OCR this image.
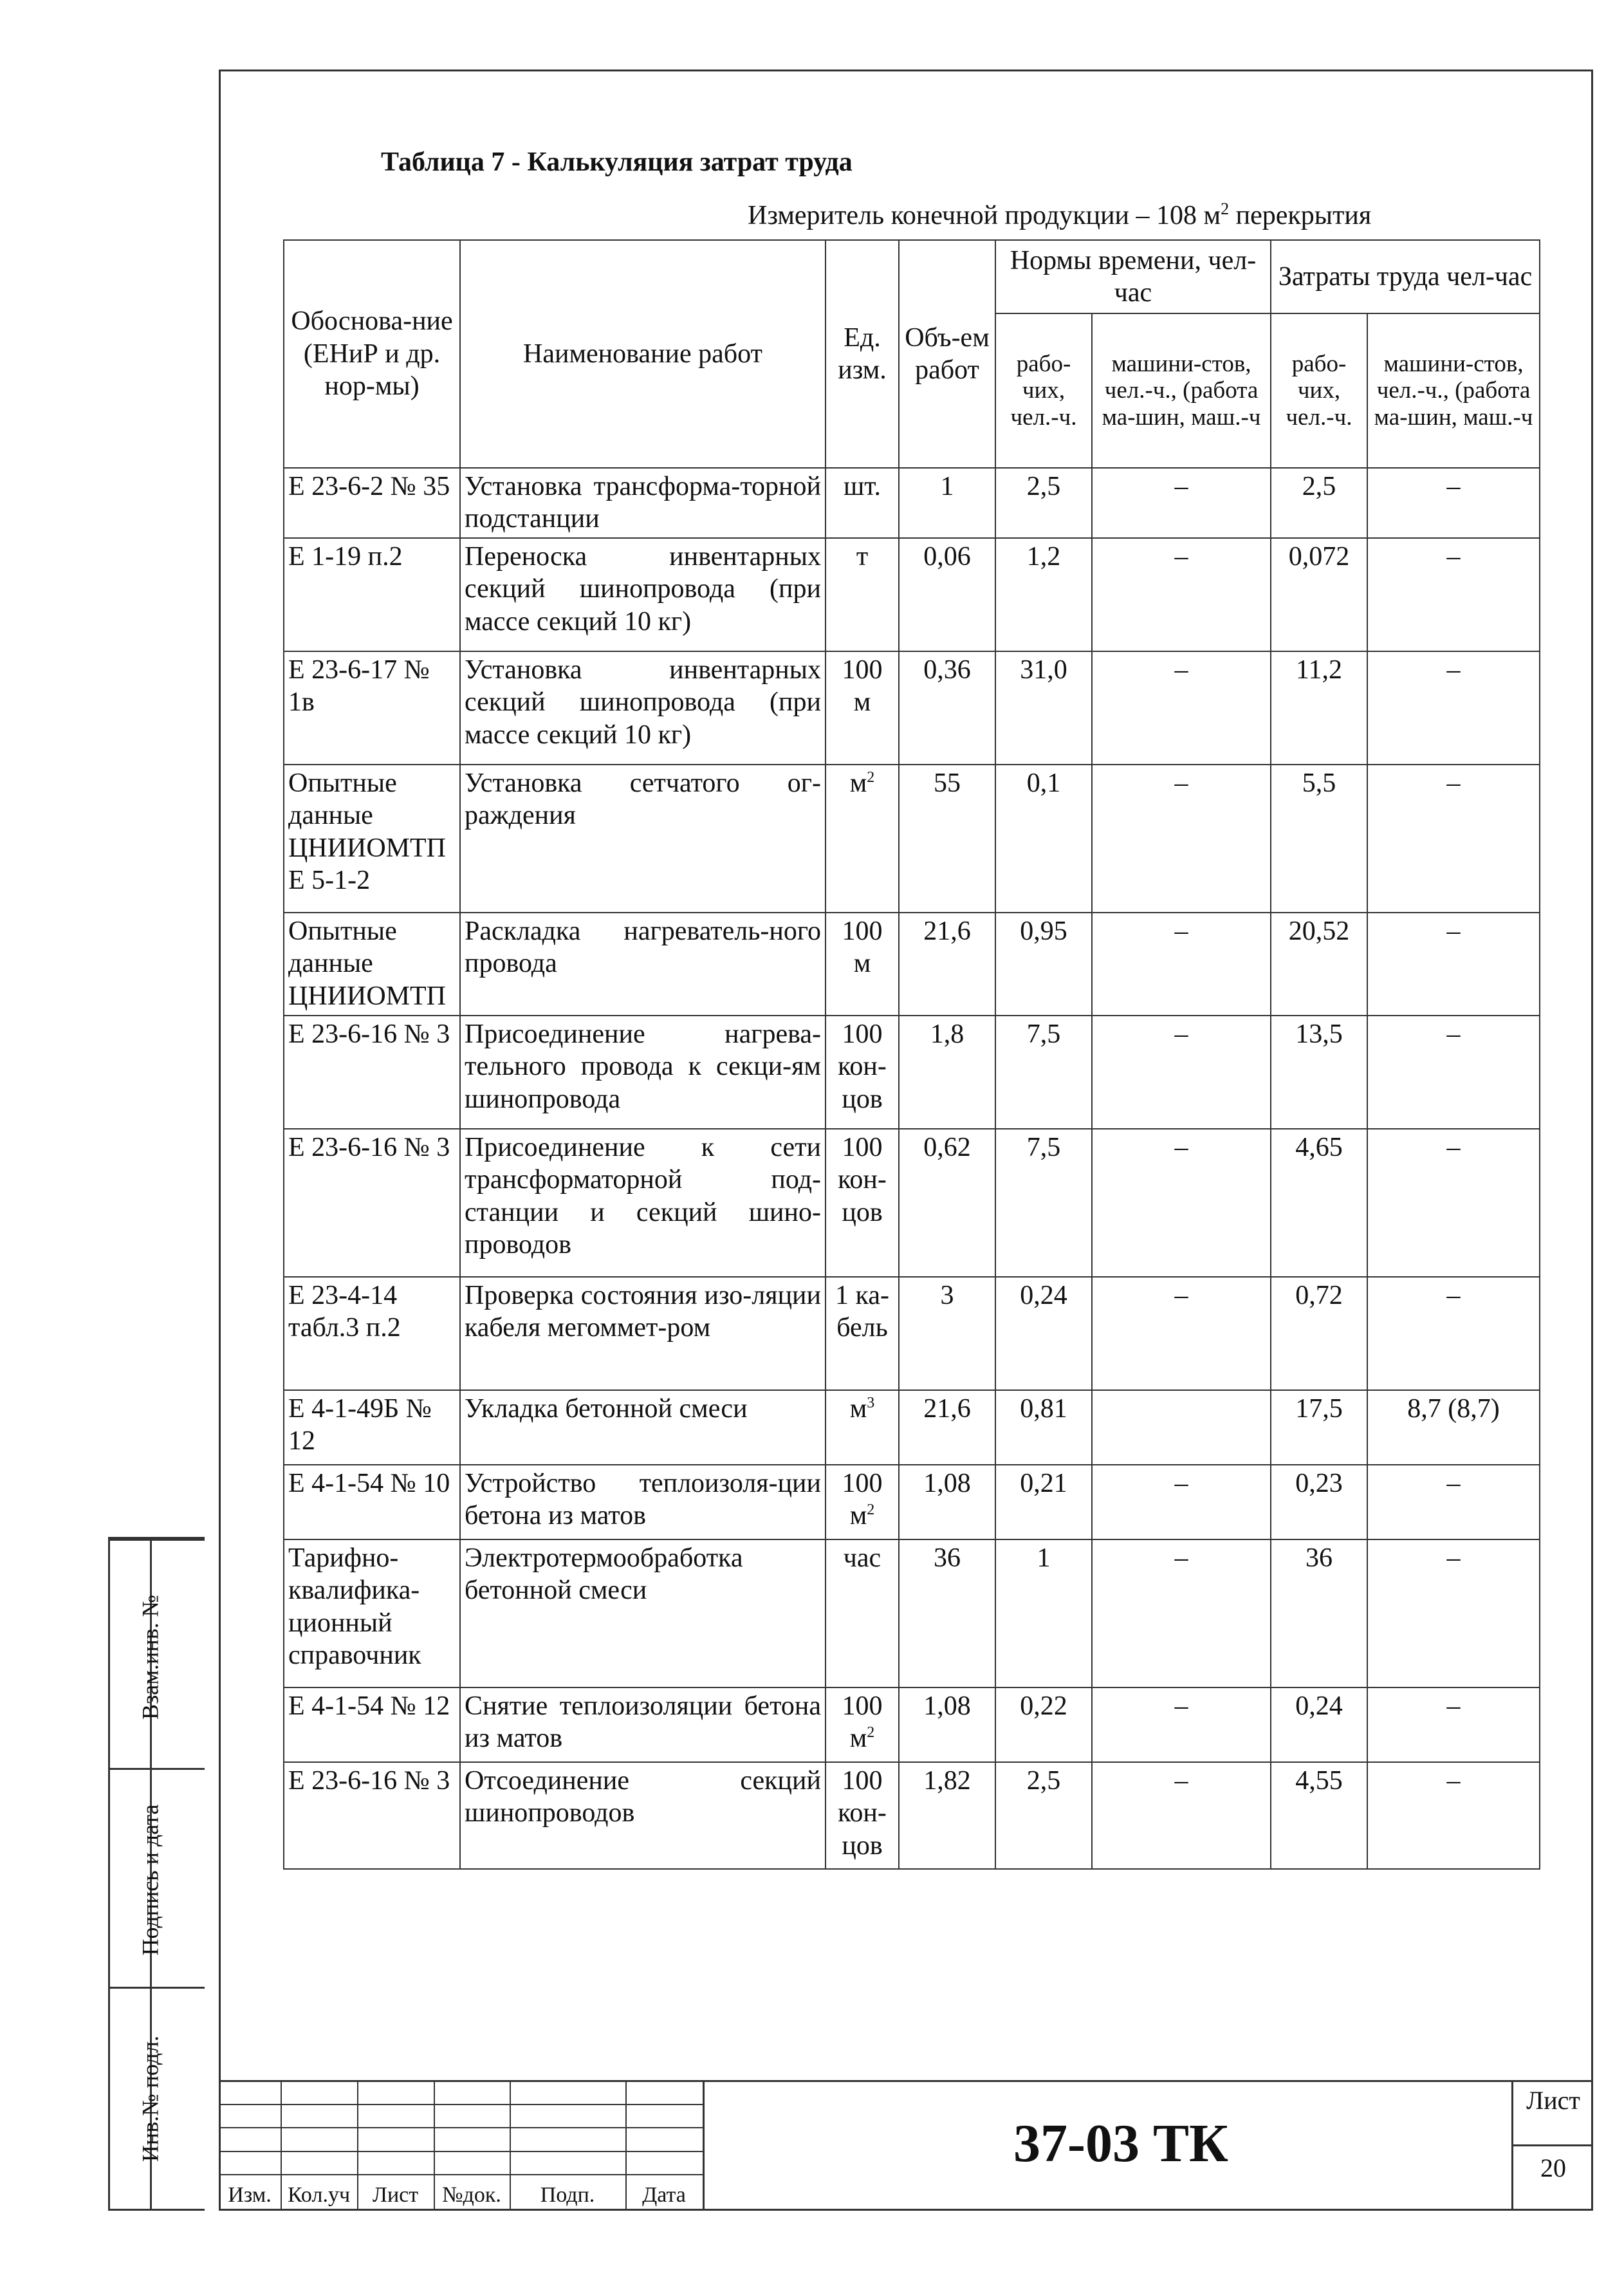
Взам.инв. №
Подпись и дата
Инв.№ подл.
Таблица 7 - Калькуляция затрат труда
Измеритель конечной продукции – 108 $м^2$ перекрытия
Обоснова-ние (ЕНиР и др. нор-мы)	Наименование работ	Ед. изм.	Объ-ем работ	Нормы времени, чел-час		Затраты труда чел-час	
				рабо-чих, чел.-ч.	машини-стов, чел.-ч., (работа ма-шин, маш.-ч	рабо-чих, чел.-ч.	машини-стов, чел.-ч., (работа ма-шин, маш.-ч
Е 23-6-2 № 35	Установка трансформа-торной подстанции	шт.	1	2,5	–	2,5	–
Е 1-19 п.2	Переноска инвентарных секций шинопровода (при массе секций 10 кг)	т	0,06	1,2	–	0,072	–
Е 23-6-17 № 1в	Установка инвентарных секций шинопровода (при массе секций 10 кг)	100 м	0,36	31,0	–	11,2	–
Опытные данные ЦНИИОМТП Е 5-1-2	Установка сетчатого ог-раждения	$м^2$	55	0,1	–	5,5	–
Опытные данные ЦНИИОМТП	Раскладка нагреватель-ного провода	100 м	21,6	0,95	–	20,52	–
Е 23-6-16 № 3	Присоединение нагрева-тельного провода к секци-ям шинопровода	100 кон-цов	1,8	7,5	–	13,5	–
Е 23-6-16 № 3	Присоединение к сети трансформаторной под-станции и секций шино-проводов	100 кон-цов	0,62	7,5	–	4,65	–
Е 23-4-14 табл.3 п.2	Проверка состояния изо-ляции кабеля мегоммет-ром	1 ка-бель	3	0,24	–	0,72	–
Е 4-1-49Б № 12	Укладка бетонной смеси	$м^3$	21,6	0,81		17,5	8,7 (8,7)
Е 4-1-54 № 10	Устройство теплоизоля-ции бетона из матов	100 $м^2$	1,08	0,21	–	0,23	–
Тарифно-квалифика-ционный справочник	Электротермообработка бетонной смеси	час	36	1	–	36	–
Е 4-1-54 № 12	Снятие теплоизоляции бетона из матов	100 $м^2$	1,08	0,22	–	0,24	–
Е 23-6-16 № 3	Отсоединение секций шинопроводов	100 кон-цов	1,82	2,5	–	4,55	–
Изм. Кол.уч	Лист	№док.	Подп.	Дата
37-03 ТК
Лист
20
